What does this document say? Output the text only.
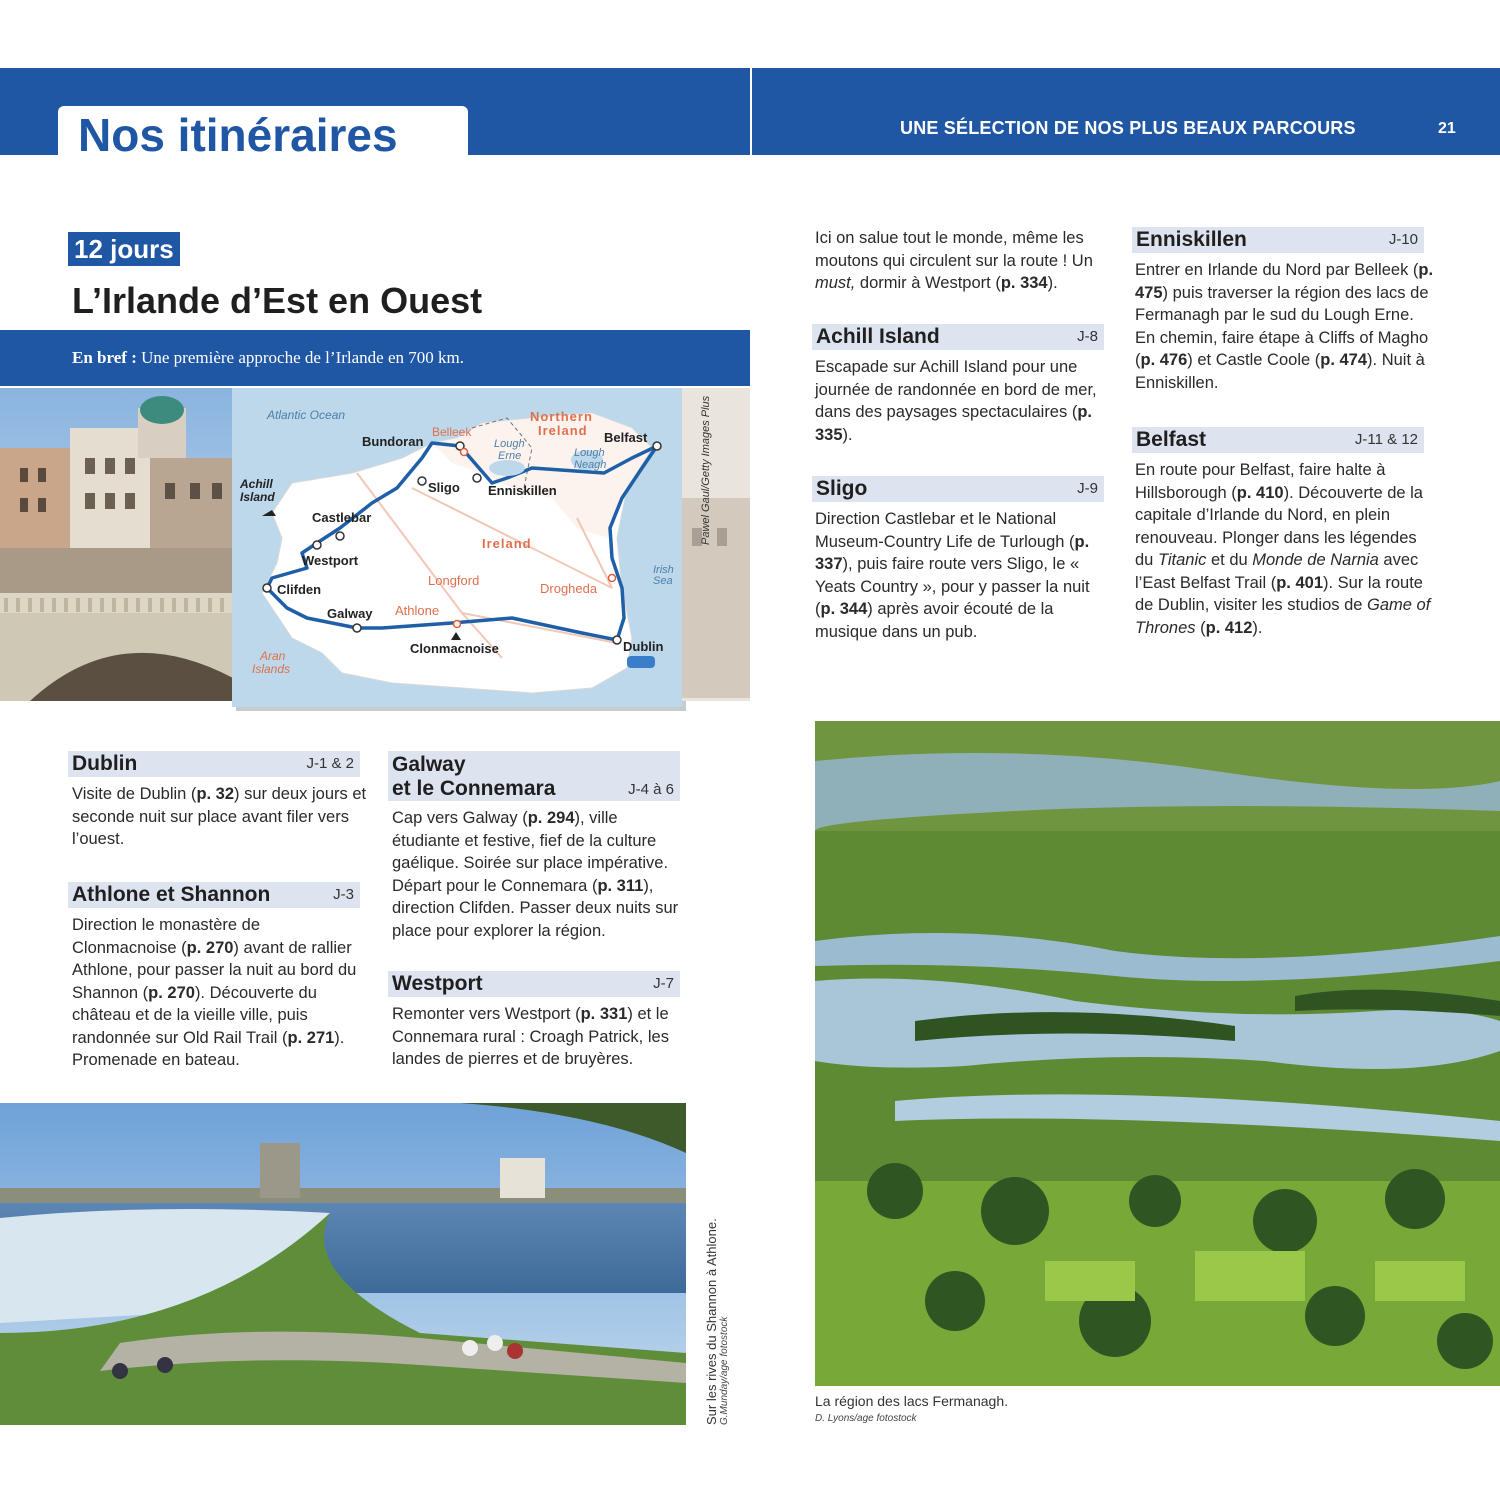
Nos itinéraires	UNE SÉLECTION DE NOS PLUS BEAUX PARCOURS	21
12 jours
L’Irlande d’Est en Ouest
En bref : Une première approche de l’Irlande en 700 km.
Atlantic Ocean	Northern
Ireland
Bundoran
Belleek
Lough
Erne	Lough
Neagh
Belfast
Achill
Island
Sligo Enniskillen
Castlebar
Ireland
Irish
Sea
Westport
Longford
Drogheda
Clifden
Galway Athlone
Dublin
Aran
Islands
Clonmacnoise
Pawel Gaul/Getty Images Plus
Dublin	J-1 & 2
Visite de Dublin (p. 32) sur deux jours et seconde nuit sur place avant filer vers l’ouest.
Athlone et Shannon	J-3
Direction le monastère de Clonmacnoise (p. 270) avant de rallier Athlone, pour passer la nuit au bord du Shannon (p. 270). Découverte du château et de la vieille ville, puis randonnée sur Old Rail Trail (p. 271). Promenade en bateau.
Galway
et le Connemara	J-4 à 6
Cap vers Galway (p. 294), ville étudiante et festive, fief de la culture gaélique. Soirée sur place impérative. Départ pour le Connemara (p. 311), direction Clifden. Passer deux nuits sur place pour explorer la région.
Westport	J-7
Remonter vers Westport (p. 331) et le Connemara rural : Croagh Patrick, les landes de pierres et de bruyères.
Ici on salue tout le monde, même les moutons qui circulent sur la route ! Un must, dormir à Westport (p. 334).
Achill Island	J-8
Escapade sur Achill Island pour une journée de randonnée en bord de mer, dans des paysages spectaculaires (p. 335).
Sligo	J-9
Direction Castlebar et le National Museum-Country Life de Turlough (p. 337), puis faire route vers Sligo, le « Yeats Country », pour y passer la nuit (p. 344) après avoir écouté de la musique dans un pub.
Enniskillen	J-10
Entrer en Irlande du Nord par Belleek (p. 475) puis traverser la région des lacs de Fermanagh par le sud du Lough Erne. En chemin, faire étape à Cliffs of Magho (p. 476) et Castle Coole (p. 474). Nuit à Enniskillen.
Belfast	J-11 & 12
En route pour Belfast, faire halte à Hillsborough (p. 410). Découverte de la capitale d’Irlande du Nord, en plein renouveau. Plonger dans les légendes du Titanic et du Monde de Narnia avec l’East Belfast Trail (p. 401). Sur la route de Dublin, visiter les studios de Game of Thrones (p. 412).
Sur les rives du Shannon à Athlone. G.Munday/age fotostock	La région des lacs Fermanagh.
D. Lyons/age fotostock
